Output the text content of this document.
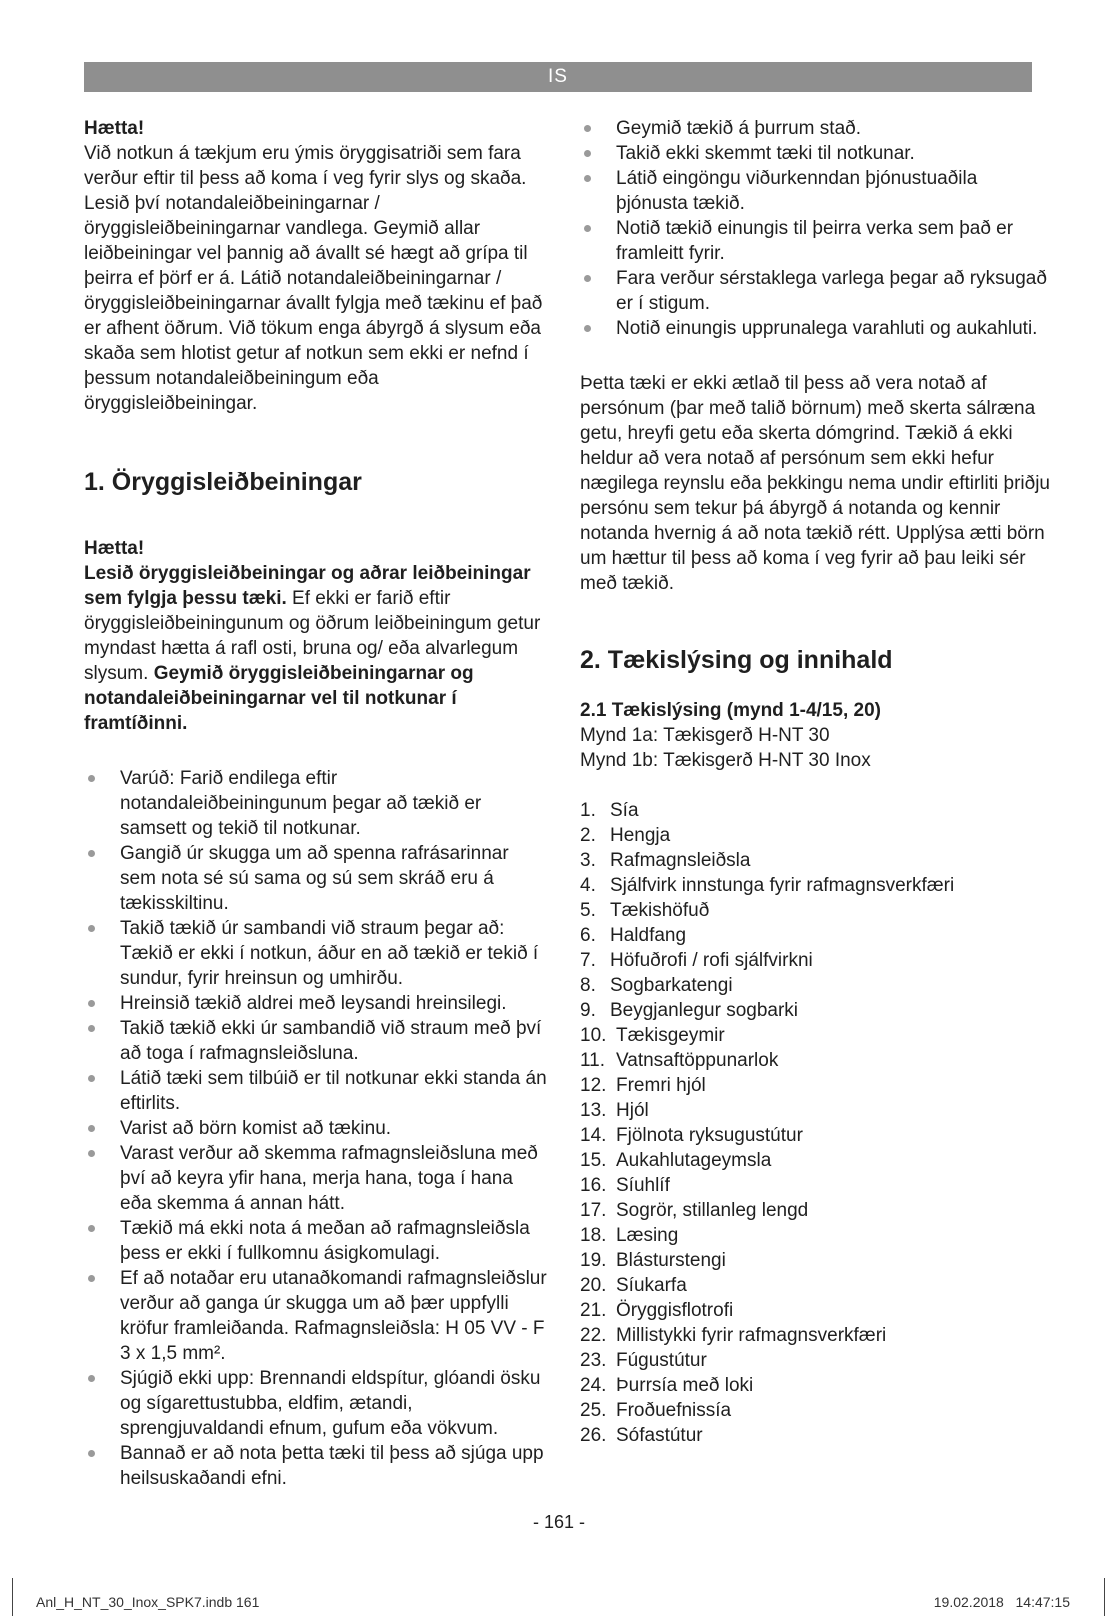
IS

Hætta!

Við notkun á tækjum eru ýmis öryggisatriði sem fara verður eftir til þess að koma í veg fyrir slys og skaða. Lesið því notandaleiðbeiningarnar / öryggisleiðbeiningarnar vandlega. Geymið allar leiðbeiningar vel þannig að ávallt sé hægt að grípa til þeirra ef þörf er á. Látið notandaleiðbeiningarnar / öryggisleiðbeiningarnar ávallt fylgja með tækinu ef það er afhent öðrum. Við tökum enga ábyrgð á slysum eða skaða sem hlotist getur af notkun sem ekki er nefnd í þessum notandaleiðbeiningum eða öryggisleiðbeiningar.

1. Öryggisleiðbeiningar

Hætta!

Lesið öryggisleiðbeiningar og aðrar leiðbeiningar sem fylgja þessu tæki. Ef ekki er farið eftir öryggisleiðbeiningunum og öðrum leiðbeiningum getur myndast hætta á rafl osti, bruna og/ eða alvarlegum slysum. Geymið öryggisleiðbeiningarnar og notandaleiðbeiningarnar vel til notkunar í framtíðinni.

Varúð: Farið endilega eftir notandaleiðbeiningunum þegar að tækið er samsett og tekið til notkunar.
Gangið úr skugga um að spenna rafrásarinnar sem nota sé sú sama og sú sem skráð eru á tækisskiltinu.
Takið tækið úr sambandi við straum þegar að: Tækið er ekki í notkun, áður en að tækið er tekið í sundur, fyrir hreinsun og umhirðu.
Hreinsið tækið aldrei með leysandi hreinsilegi.
Takið tækið ekki úr sambandið við straum með því að toga í rafmagnsleiðsluna.
Látið tæki sem tilbúið er til notkunar ekki standa án eftirlits.
Varist að börn komist að tækinu.
Varast verður að skemma rafmagnsleiðsluna með því að keyra yfir hana, merja hana, toga í hana eða skemma á annan hátt.
Tækið má ekki nota á meðan að rafmagnsleiðsla þess er ekki í fullkomnu ásigkomulagi.
Ef að notaðar eru utanaðkomandi rafmagnsleiðslur verður að ganga úr skugga um að þær uppfylli kröfur framleiðanda. Rafmagnsleiðsla: H 05 VV - F 3 x 1,5 mm².
Sjúgið ekki upp: Brennandi eldspítur, glóandi ösku og sígarettustubba, eldfim, ætandi, sprengjuvaldandi efnum, gufum eða vökvum.
Bannað er að nota þetta tæki til þess að sjúga upp heilsuskaðandi efni.
Geymið tækið á þurrum stað.
Takið ekki skemmt tæki til notkunar.
Látið eingöngu viðurkenndan þjónustuaðila þjónusta tækið.
Notið tækið einungis til þeirra verka sem það er framleitt fyrir.
Fara verður sérstaklega varlega þegar að ryksugað er í stigum.
Notið einungis upprunalega varahluti og aukahluti.

Þetta tæki er ekki ætlað til þess að vera notað af persónum (þar með talið börnum) með skerta sálræna getu, hreyfi getu eða skerta dómgrind. Tækið á ekki heldur að vera notað af persónum sem ekki hefur nægilega reynslu eða þekkingu nema undir eftirliti þriðju persónu sem tekur þá ábyrgð á notanda og kennir notanda hvernig á að nota tækið rétt. Upplýsa ætti börn um hættur til þess að koma í veg fyrir að þau leiki sér með tækið.

2. Tækislýsing og innihald

2.1 Tækislýsing (mynd 1-4/15, 20)

Mynd 1a: Tækisgerð H-NT 30

Mynd 1b: Tækisgerð H-NT 30 Inox

1. Sía
2. Hengja
3. Rafmagnsleiðsla
4. Sjálfvirk innstunga fyrir rafmagnsverkfæri
5. Tækishöfuð
6. Haldfang
7. Höfuðrofi / rofi sjálfvirkni
8. Sogbarkatengi
9. Beygjanlegur sogbarki
10. Tækisgeymir
11. Vatnsaftöppunarlok
12. Fremri hjól
13. Hjól
14. Fjölnota ryksugustútur
15. Aukahlutageymsla
16. Síuhlíf
17. Sogrör, stillanleg lengd
18. Læsing
19. Blásturstengi
20. Síukarfa
21. Öryggisflotrofi
22. Millistykki fyrir rafmagnsverkfæri
23. Fúgustútur
24. Þurrsía með loki
25. Froðuefnissía
26. Sófastútur
- 161 -
Anl_H_NT_30_Inox_SPK7.indb 161	19.02.2018   14:47:15
